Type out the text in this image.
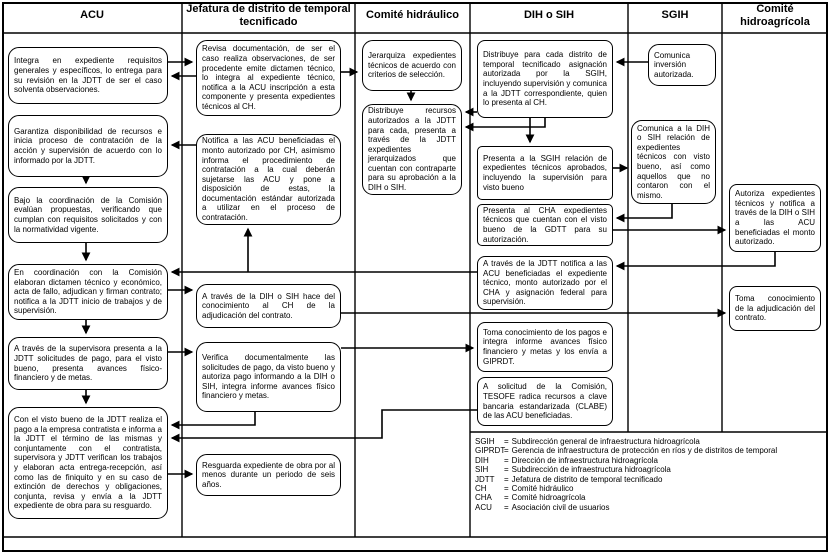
ACU	Jefatura de distrito de temporal tecnificado
Comité hidráulico	DIH o SIH	SGIH	Comité hidroagrícola
Integra en expediente requisitos generales y específicos, lo entrega para su revisión en la JDTT de ser el caso solventa observaciones.
Garantiza disponibilidad de recursos e inicia proceso de contratación de la acción y supervisión de acuerdo con lo informado por la JDTT.
Bajo la coordinación de la Comisión evalúan propuestas, verificando que cumplan con requisitos solicitados y con la normatividad vigente.
En coordinación con la Comisión elaboran dictamen técnico y económico, acta de fallo, adjudican y firman contrato; notifica a la JDTT inicio de trabajos y de supervisión.
A través de la supervisora presenta a la JDTT solicitudes de pago, para el visto bueno, presenta avances físico-financiero y de metas.
Con el visto bueno de la JDTT realiza el pago a la empresa contratista e informa a la JDTT el término de las mismas y conjuntamente con el contratista, supervisora y JDTT verifican los trabajos y elaboran acta entrega-recepción, así como las de finiquito y en su caso de extinción de derechos y obligaciones, conjunta, revisa y envía a la JDTT expediente de obra para su resguardo.
Revisa documentación, de ser el caso realiza observaciones, de ser procedente emite dictamen técnico, lo integra al expediente técnico, notifica a la ACU inscripción a esta componente y presenta expedientes técnicos al CH.
Notifica a las ACU beneficiadas el monto autorizado por CH, asimismo informa el procedimiento de contratación a la cual deberán sujetarse las ACU y pone a disposición de estas, la documentación estándar autorizada a utilizar en el proceso de contratación.
A través de la DIH o SIH hace del conocimiento al CH de la adjudicación del contrato.
Verifica documentalmente las solicitudes de pago, da visto bueno y autoriza pago informando a la DIH o SIH, integra informe avances físico financiero y metas.
Resguarda expediente de obra por al menos durante un periodo de seis años.
Jerarquiza expedientes técnicos de acuerdo con criterios de selección.
Distribuye recursos autorizados a la JDTT para cada, presenta a través de la JDTT expedientes jerarquizados que cuentan con contraparte para su aprobación a la DIH o SIH.
Distribuye para cada distrito de temporal tecnificado asignación autorizada por la SGIH, incluyendo supervisión y comunica a la JDTT correspondiente, quien lo presenta al CH.
Presenta a la SGIH relación de expedientes técnicos aprobados, incluyendo la supervisión para visto bueno
Presenta al CHA expedientes técnicos que cuentan con el visto bueno de la GDTT para su autorización.
A través de la JDTT notifica a las ACU beneficiadas el expediente técnico, monto autorizado por el CHA y asignación federal para supervisión.
Toma conocimiento de los pagos e integra informe avances físico financiero y metas y los envía a GIPRDT.
A solicitud de la Comisión, TESOFE radica recursos a clave bancaria estandarizada (CLABE) de las ACU beneficiadas.
Comunica inversión autorizada.
Comunica a la DIH o SIH relación de expedientes técnicos con visto bueno, así como aquellos que no contaron con el mismo.	Autoriza expedientes técnicos y notifica a través de la DIH o SIH a las ACU beneficiadas el monto autorizado.
Toma conocimiento de la adjudicación del contrato.
SGIH = Subdirección general de infraestructura hidroagrícola
GIPRDT= Gerencia de infraestructura de protección en ríos y de distritos de temporal
DIH = Dirección de infraestructura hidroagrícola
SIH = Subdirección de infraestructura hidroagrícola
JDTT = Jefatura de distrito de temporal tecnificado
CH = Comité hidráulico
CHA = Comité hidroagrícola
ACU = Asociación civil de usuarios
